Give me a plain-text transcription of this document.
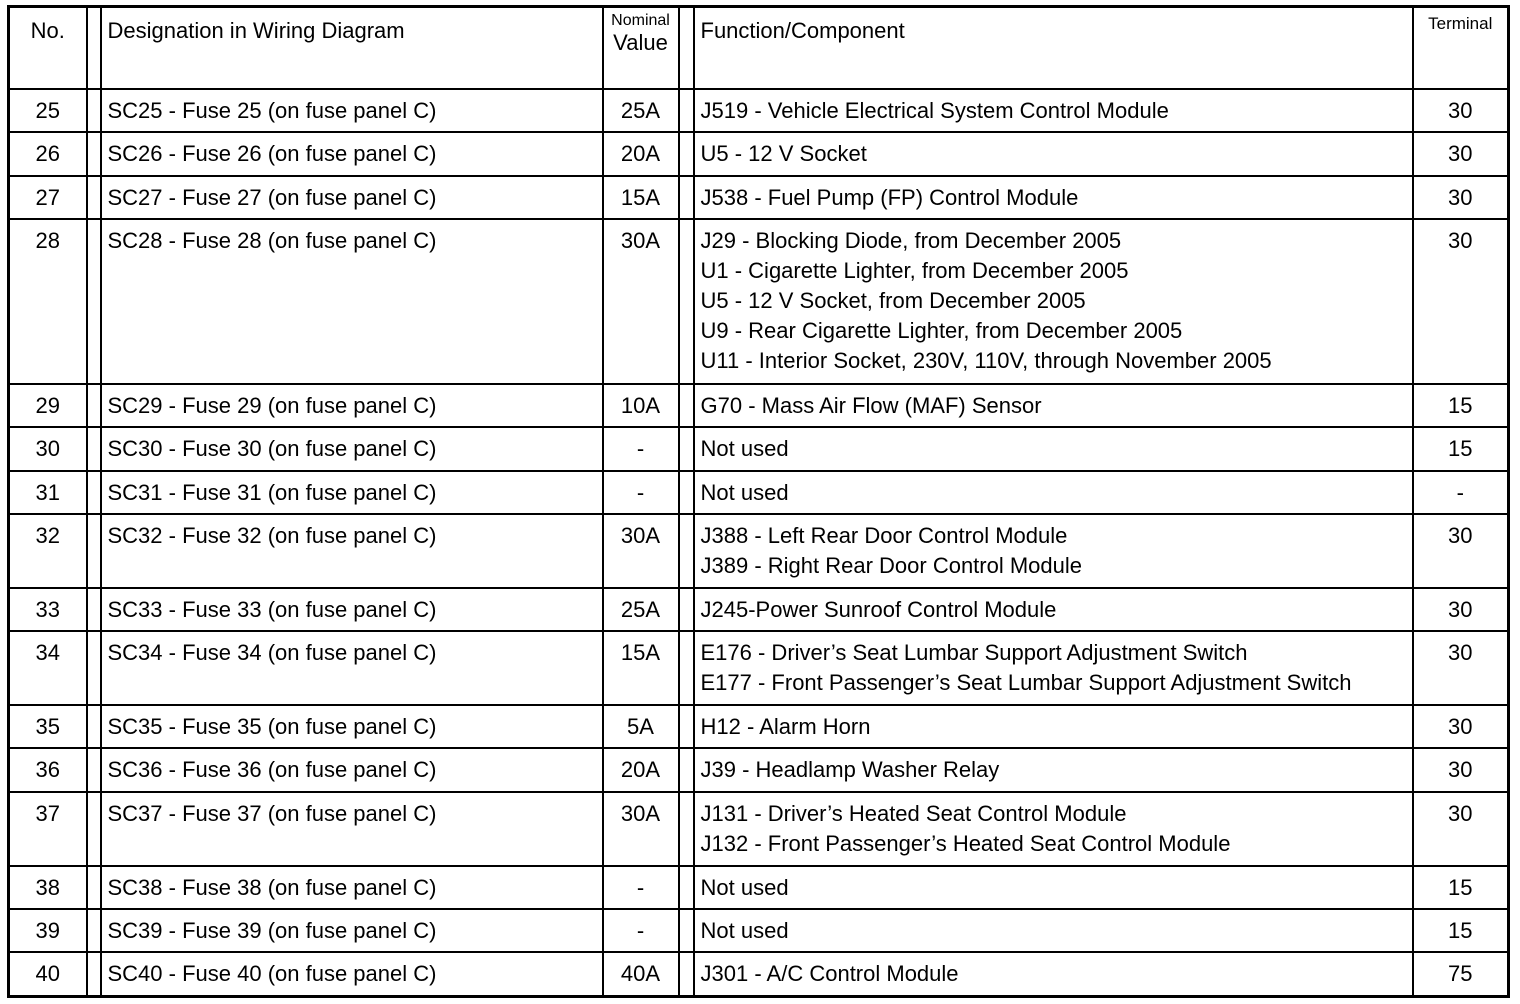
No.		Designation in Wiring Diagram	Nominal
Value		Function/Component	Terminal

25		SC25 - Fuse 25 (on fuse panel C)	25A		J519 - Vehicle Electrical System Control Module	30
26		SC26 - Fuse 26 (on fuse panel C)	20A		U5 - 12 V Socket	30
27		SC27 - Fuse 27 (on fuse panel C)	15A		J538 - Fuel Pump (FP) Control Module	30
28		SC28 - Fuse 28 (on fuse panel C)	30A		J29 - Blocking Diode, from December 2005
U1 - Cigarette Lighter, from December 2005
U5 - 12 V Socket, from December 2005
U9 - Rear Cigarette Lighter, from December 2005
U11 - Interior Socket, 230V, 110V, through November 2005	30
29		SC29 - Fuse 29 (on fuse panel C)	10A		G70 - Mass Air Flow (MAF) Sensor	15
30		SC30 - Fuse 30 (on fuse panel C)	-		Not used	15
31		SC31 - Fuse 31 (on fuse panel C)	-		Not used	-
32		SC32 - Fuse 32 (on fuse panel C)	30A		J388 - Left Rear Door Control Module
J389 - Right Rear Door Control Module	30
33		SC33 - Fuse 33 (on fuse panel C)	25A		J245-Power Sunroof Control Module	30
34		SC34 - Fuse 34 (on fuse panel C)	15A		E176 - Driver’s Seat Lumbar Support Adjustment Switch
E177 - Front Passenger’s Seat Lumbar Support Adjustment Switch	30
35		SC35 - Fuse 35 (on fuse panel C)	5A		H12 - Alarm Horn	30
36		SC36 - Fuse 36 (on fuse panel C)	20A		J39 - Headlamp Washer Relay	30
37		SC37 - Fuse 37 (on fuse panel C)	30A		J131 - Driver’s Heated Seat Control Module
J132 - Front Passenger’s Heated Seat Control Module	30
38		SC38 - Fuse 38 (on fuse panel C)	-		Not used	15
39		SC39 - Fuse 39 (on fuse panel C)	-		Not used	15
40		SC40 - Fuse 40 (on fuse panel C)	40A		J301 - A/C Control Module	75
